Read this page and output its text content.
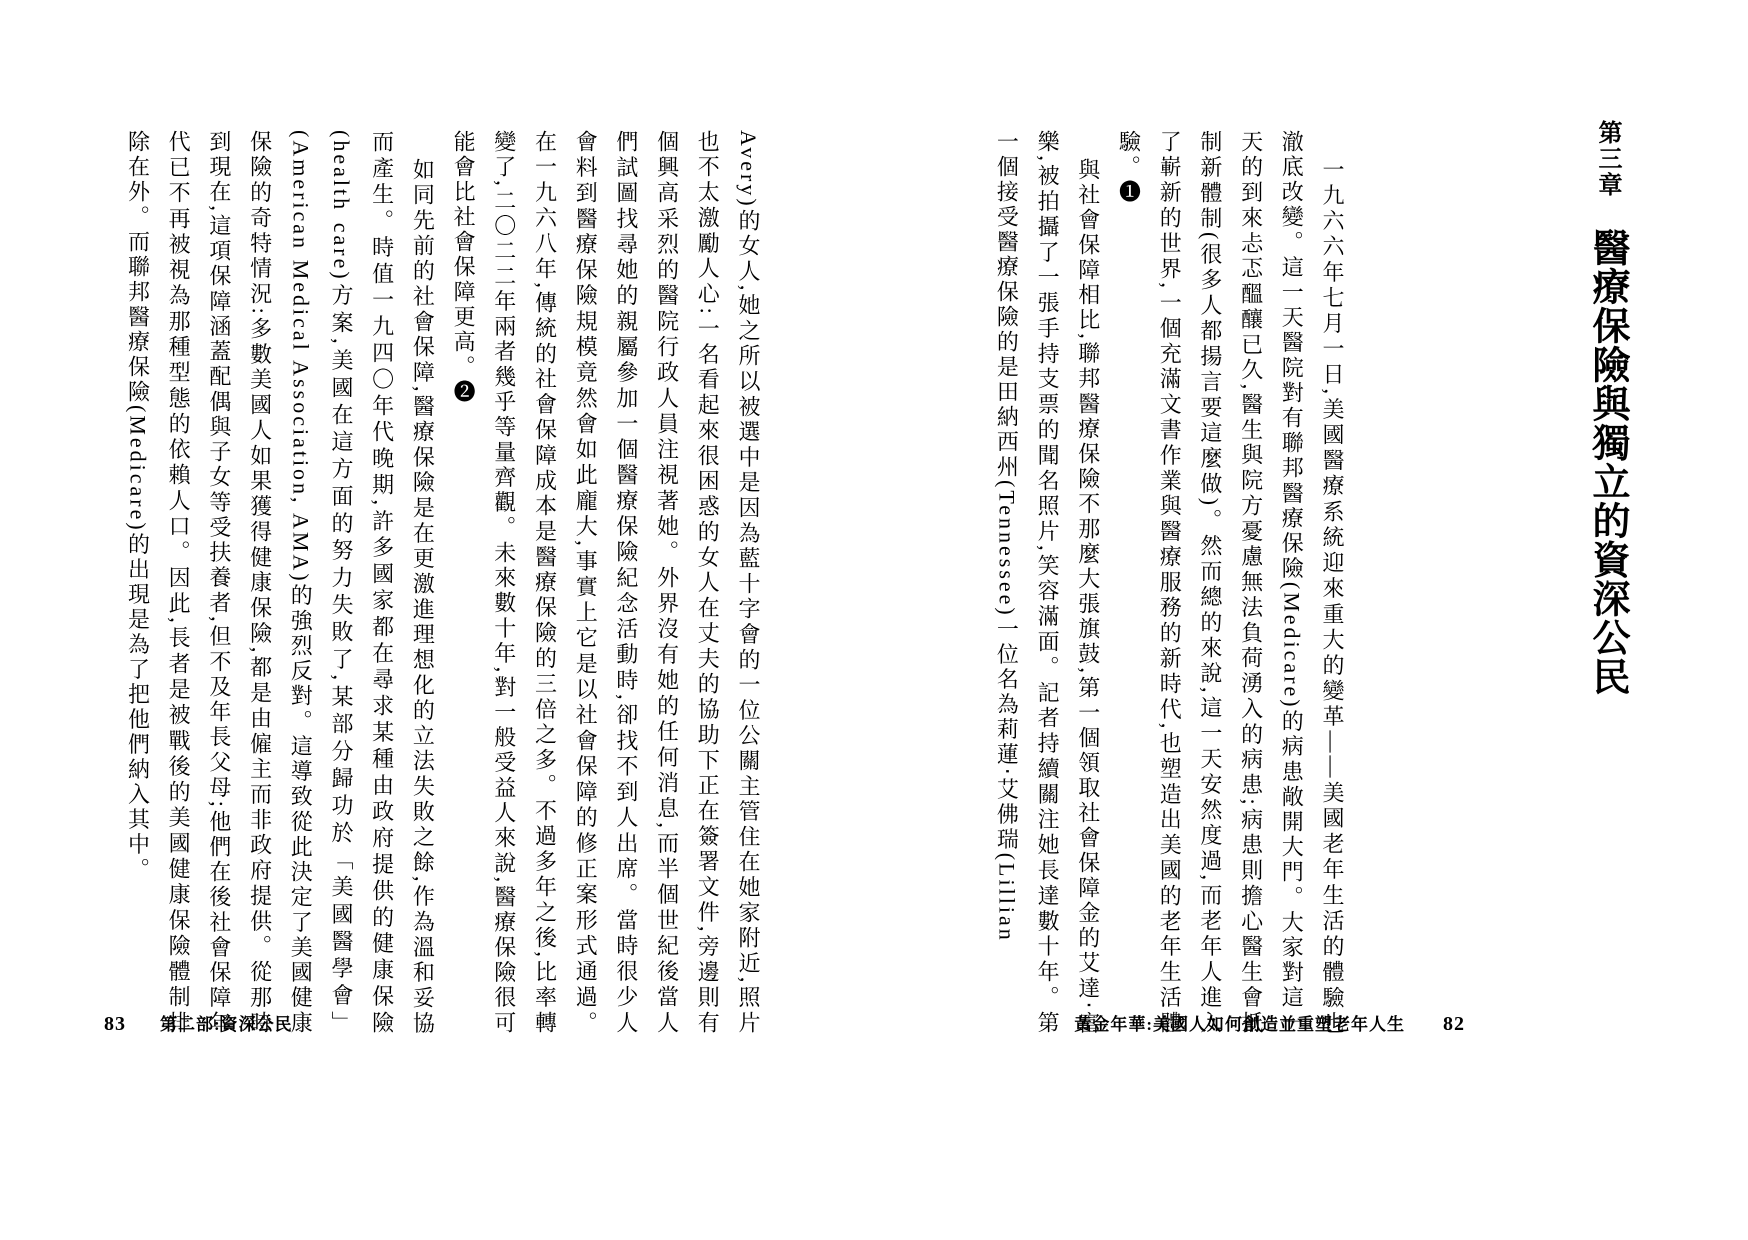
第三章 醫療保險與獨立的資深公民

一九六六年七月一日,美國醫療系統迎來重大的變革——美國老年生活的體驗也澈底改變。這一天醫院對有聯邦醫療保險(Medicare)的病患敞開大門。大家對這一天的到來忐忑醞釀已久,醫生與院方憂慮無法負荷湧入的病患;病患則擔心醫生會抵制新體制(很多人都揚言要這麼做)。然而總的來說,這一天安然度過,而老年人進入了嶄新的世界,一個充滿文書作業與醫療服務的新時代,也塑造出美國的老年生活體驗。❶

與社會保障相比,聯邦醫療保險不那麼大張旗鼓,第一個領取社會保障金的艾達‧富樂,被拍攝了一張手持支票的聞名照片,笑容滿面。記者持續關注她長達數十年。第一個接受醫療保險的是田納西州(Tennessee)一位名為莉蓮‧艾佛瑞(Lillian

黃金年華:美國人如何創造並重塑老年人生 82

Avery)的女人,她之所以被選中是因為藍十字會的一位公關主管住在她家附近,照片也不太激勵人心:一名看起來很困惑的女人在丈夫的協助下正在簽署文件,旁邊則有個興高采烈的醫院行政人員注視著她。外界沒有她的任何消息,而半個世紀後當人們試圖找尋她的親屬參加一個醫療保險紀念活動時,卻找不到人出席。當時很少人會料到醫療保險規模竟然會如此龐大,事實上它是以社會保障的修正案形式通過。在一九六八年,傳統的社會保障成本是醫療保險的三倍之多。不過多年之後,比率轉變了,二〇二二年兩者幾乎等量齊觀。未來數十年,對一般受益人來說,醫療保險很可能會比社會保障更高。❷

如同先前的社會保障,醫療保險是在更激進理想化的立法失敗之餘,作為溫和妥協而產生。時值一九四〇年代晚期,許多國家都在尋求某種由政府提供的健康保險(health care)方案,美國在這方面的努力失敗了,某部分歸功於「美國醫學會」(American Medical Association, AMA)的強烈反對。這導致從此決定了美國健康保險的奇特情況:多數美國人如果獲得健康保險,都是由僱主而非政府提供。從那時到現在,這項保障涵蓋配偶與子女等受扶養者,但不及年長父母;他們在後社會保障年代已不再被視為那種型態的依賴人口。因此,長者是被戰後的美國健康保險體制排除在外。而聯邦醫療保險(Medicare)的出現是為了把他們納入其中。

83 第二部:資深公民
